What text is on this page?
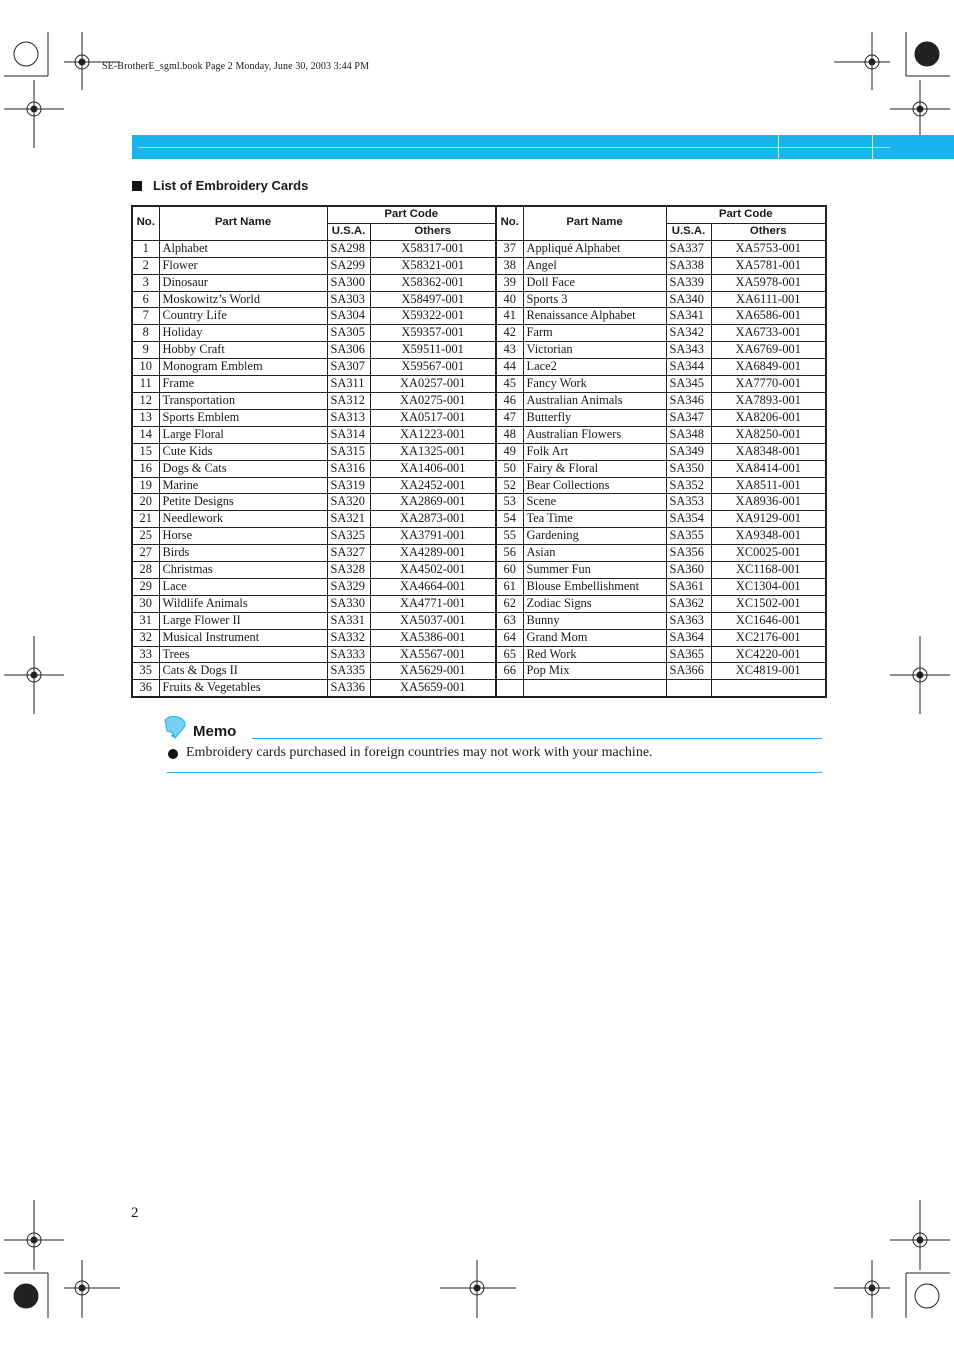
SE-BrotherE_sgml.book Page 2 Monday, June 30, 2003 3:44 PM
List of Embroidery Cards
No.	Part Name	Part Code		No.	Part Name	Part Code	
		U.S.A.	Others			U.S.A.	Others
1	Alphabet	SA298	X58317-001	37	Appliqué Alphabet	SA337	XA5753-001
2	Flower	SA299	X58321-001	38	Angel	SA338	XA5781-001
3	Dinosaur	SA300	X58362-001	39	Doll Face	SA339	XA5978-001
6	Moskowitz’s World	SA303	X58497-001	40	Sports 3	SA340	XA6111-001
7	Country Life	SA304	X59322-001	41	Renaissance Alphabet	SA341	XA6586-001
8	Holiday	SA305	X59357-001	42	Farm	SA342	XA6733-001
9	Hobby Craft	SA306	X59511-001	43	Victorian	SA343	XA6769-001
10	Monogram Emblem	SA307	X59567-001	44	Lace2	SA344	XA6849-001
11	Frame	SA311	XA0257-001	45	Fancy Work	SA345	XA7770-001
12	Transportation	SA312	XA0275-001	46	Australian Animals	SA346	XA7893-001
13	Sports Emblem	SA313	XA0517-001	47	Butterfly	SA347	XA8206-001
14	Large Floral	SA314	XA1223-001	48	Australian Flowers	SA348	XA8250-001
15	Cute Kids	SA315	XA1325-001	49	Folk Art	SA349	XA8348-001
16	Dogs & Cats	SA316	XA1406-001	50	Fairy & Floral	SA350	XA8414-001
19	Marine	SA319	XA2452-001	52	Bear Collections	SA352	XA8511-001
20	Petite Designs	SA320	XA2869-001	53	Scene	SA353	XA8936-001
21	Needlework	SA321	XA2873-001	54	Tea Time	SA354	XA9129-001
25	Horse	SA325	XA3791-001	55	Gardening	SA355	XA9348-001
27	Birds	SA327	XA4289-001	56	Asian	SA356	XC0025-001
28	Christmas	SA328	XA4502-001	60	Summer Fun	SA360	XC1168-001
29	Lace	SA329	XA4664-001	61	Blouse Embellishment	SA361	XC1304-001
30	Wildlife Animals	SA330	XA4771-001	62	Zodiac Signs	SA362	XC1502-001
31	Large Flower II	SA331	XA5037-001	63	Bunny	SA363	XC1646-001
32	Musical Instrument	SA332	XA5386-001	64	Grand Mom	SA364	XC2176-001
33	Trees	SA333	XA5567-001	65	Red Work	SA365	XC4220-001
35	Cats & Dogs II	SA335	XA5629-001	66	Pop Mix	SA366	XC4819-001
36	Fruits & Vegetables	SA336	XA5659-001				
Memo
Embroidery cards purchased in foreign countries may not work with your machine.
2
